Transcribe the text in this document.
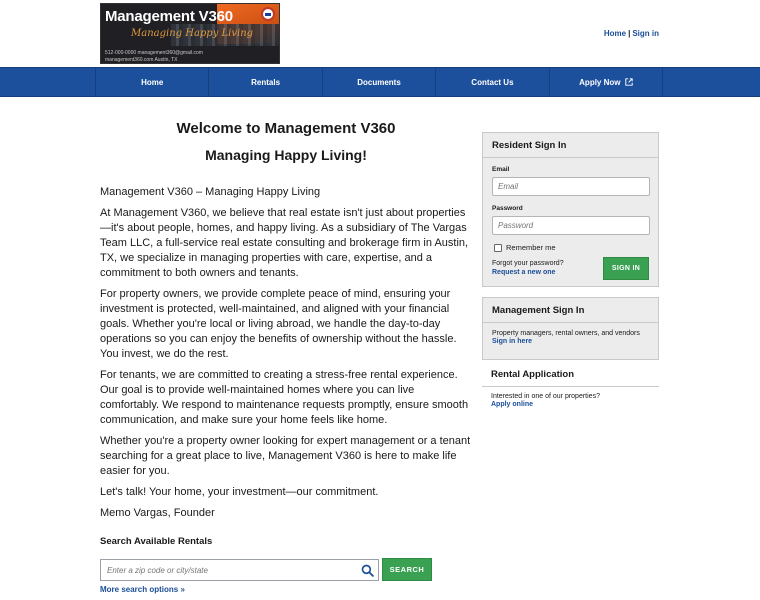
Management V360
Managing Happy Living
512-000-0000 management360@gmail.com
management360.com Austin, TX
Home | Sign in
Home	Rentals	Documents	Contact Us	Apply Now
Welcome to Management V360
Managing Happy Living!

Management V360 – Managing Happy Living

At Management V360, we believe that real estate isn't just about properties—it's about people, homes, and happy living. As a subsidiary of The Vargas Team LLC, a full-service real estate consulting and brokerage firm in Austin, TX, we specialize in managing properties with care, expertise, and a commitment to both owners and tenants.

For property owners, we provide complete peace of mind, ensuring your investment is protected, well-maintained, and aligned with your financial goals. Whether you're local or living abroad, we handle the day-to-day operations so you can enjoy the benefits of ownership without the hassle. You invest, we do the rest.

For tenants, we are committed to creating a stress-free rental experience. Our goal is to provide well-maintained homes where you can live comfortably. We respond to maintenance requests promptly, ensure smooth communication, and make sure your home feels like home.

Whether you're a property owner looking for expert management or a tenant searching for a great place to live, Management V360 is here to make life easier for you.

Let's talk! Your home, your investment—our commitment.

Memo Vargas, Founder

Search Available Rentals
Enter a zip code or city/state
SEARCH
More search options »
Resident Sign In
Email
Email
Password
Remember me
Forgot your password?
Request a new one
SIGN IN
Management Sign In
Property managers, rental owners, and vendors
Sign in here
Rental Application
Interested in one of our properties?
Apply online
